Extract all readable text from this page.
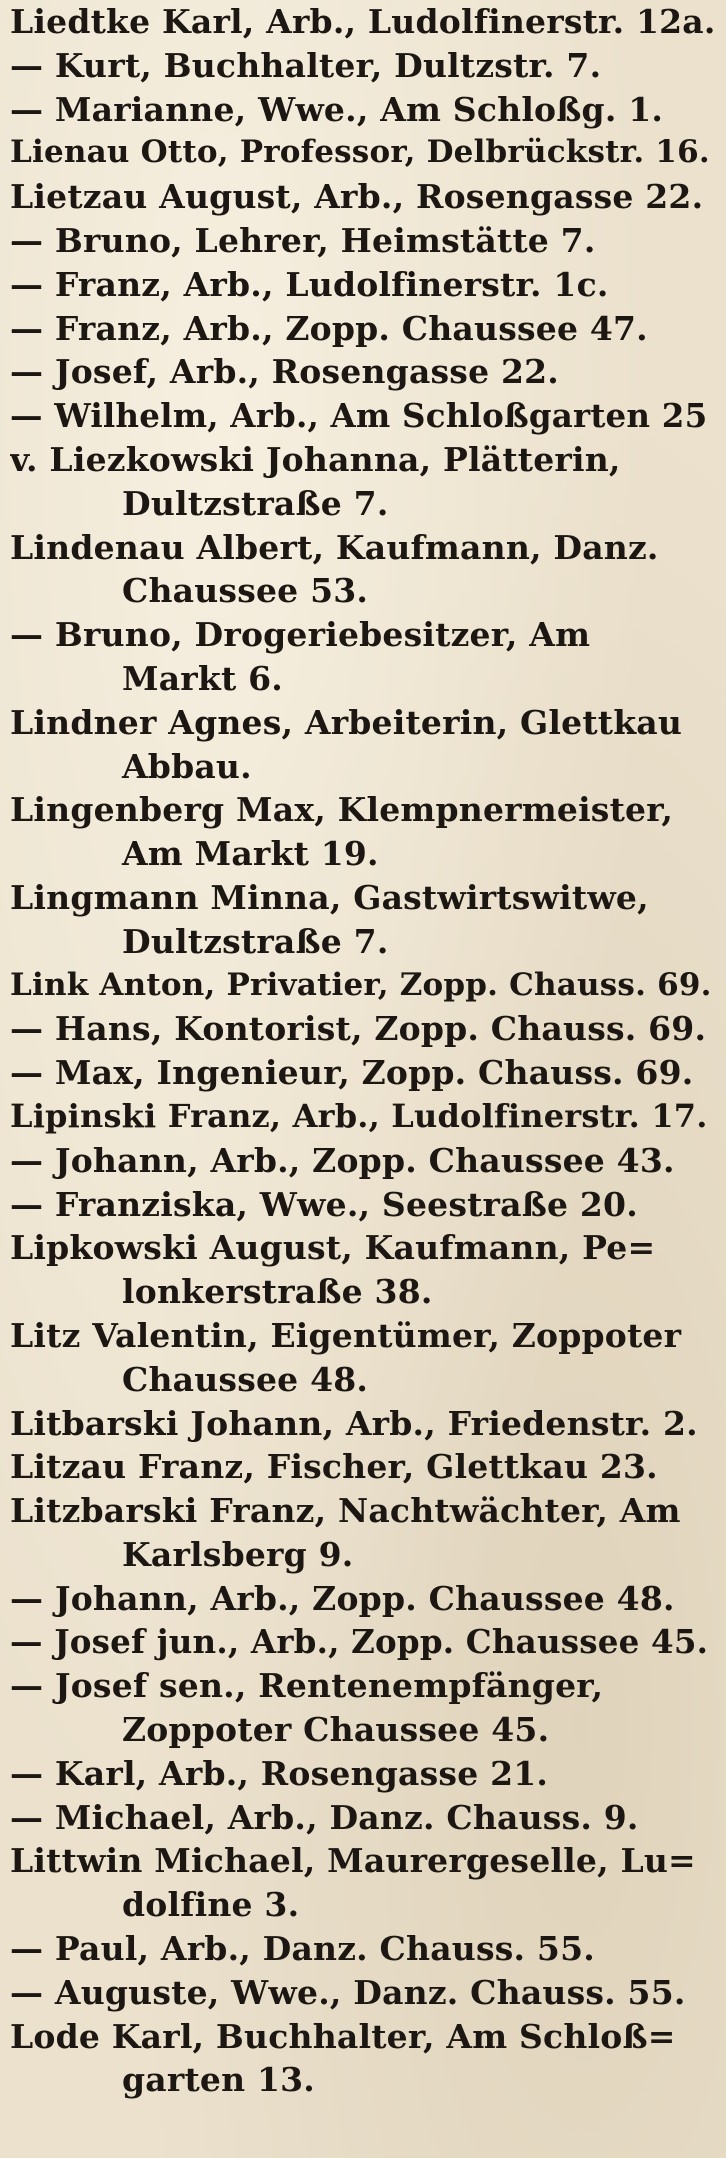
Liedtke Karl, Arb., Ludolfinerstr. 12a.
— Kurt, Buchhalter, Dultzstr. 7.
— Marianne, Wwe., Am Schloßg. 1.
Lienau Otto, Professor, Delbrückstr. 16.
Lietzau August, Arb., Rosengasse 22.
— Bruno, Lehrer, Heimstätte 7.
— Franz, Arb., Ludolfinerstr. 1c.
— Franz, Arb., Zopp. Chaussee 47.
— Josef, Arb., Rosengasse 22.
— Wilhelm, Arb., Am Schloßgarten 25
v. Liezkowski Johanna, Plätterin,
Dultzstraße 7.
Lindenau Albert, Kaufmann, Danz.
Chaussee 53.
— Bruno, Drogeriebesitzer, Am
Markt 6.
Lindner Agnes, Arbeiterin, Glettkau
Abbau.
Lingenberg Max, Klempnermeister,
Am Markt 19.
Lingmann Minna, Gastwirtswitwe,
Dultzstraße 7.
Link Anton, Privatier, Zopp. Chauss. 69.
— Hans, Kontorist, Zopp. Chauss. 69.
— Max, Ingenieur, Zopp. Chauss. 69.
Lipinski Franz, Arb., Ludolfinerstr. 17.
— Johann, Arb., Zopp. Chaussee 43.
— Franziska, Wwe., Seestraße 20.
Lipkowski August, Kaufmann, Pe=
lonkerstraße 38.
Litz Valentin, Eigentümer, Zoppoter
Chaussee 48.
Litbarski Johann, Arb., Friedenstr. 2.
Litzau Franz, Fischer, Glettkau 23.
Litzbarski Franz, Nachtwächter, Am
Karlsberg 9.
— Johann, Arb., Zopp. Chaussee 48.
— Josef jun., Arb., Zopp. Chaussee 45.
— Josef sen., Rentenempfänger,
Zoppoter Chaussee 45.
— Karl, Arb., Rosengasse 21.
— Michael, Arb., Danz. Chauss. 9.
Littwin Michael, Maurergeselle, Lu=
dolfine 3.
— Paul, Arb., Danz. Chauss. 55.
— Auguste, Wwe., Danz. Chauss. 55.
Lode Karl, Buchhalter, Am Schloß=
garten 13.
